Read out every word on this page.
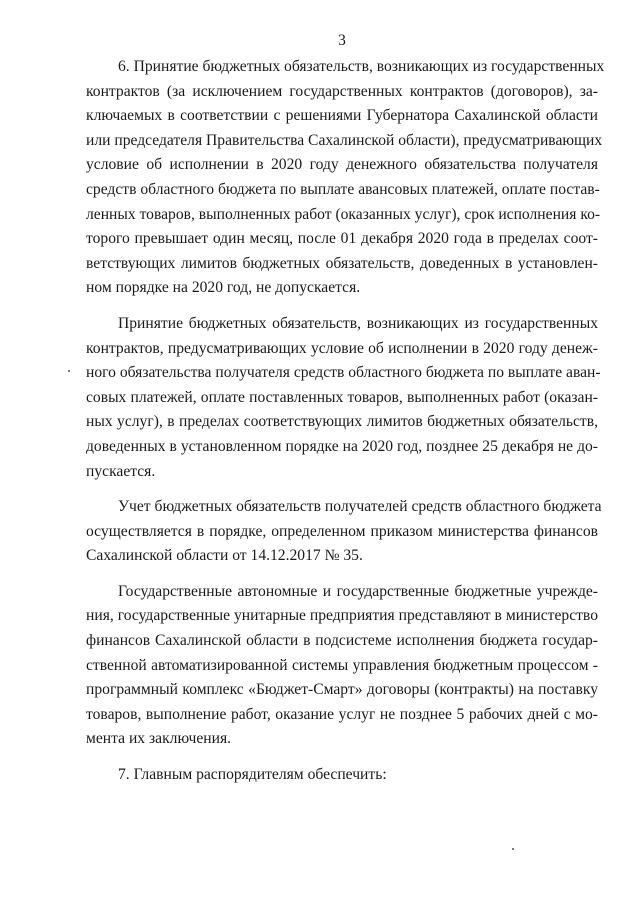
3

6. Принятие бюджетных обязательств, возникающих из государственных
контрактов (за исключением государственных контрактов (договоров), за-
ключаемых в соответствии с решениями Губернатора Сахалинской области
или председателя Правительства Сахалинской области), предусматривающих
условие об исполнении в 2020 году денежного обязательства получателя
средств областного бюджета по выплате авансовых платежей, оплате постав-
ленных товаров, выполненных работ (оказанных услуг), срок исполнения ко-
торого превышает один месяц, после 01 декабря 2020 года в пределах соот-
ветствующих лимитов бюджетных обязательств, доведенных в установлен-
ном порядке на 2020 год, не допускается.

Принятие бюджетных обязательств, возникающих из государственных
контрактов, предусматривающих условие об исполнении в 2020 году денеж-
ного обязательства получателя средств областного бюджета по выплате аван-
совых платежей, оплате поставленных товаров, выполненных работ (оказан-
ных услуг), в пределах соответствующих лимитов бюджетных обязательств,
доведенных в установленном порядке на 2020 год, позднее 25 декабря не до-
пускается.

Учет бюджетных обязательств получателей средств областного бюджета
осуществляется в порядке, определенном приказом министерства финансов
Сахалинской области от 14.12.2017 № 35.

Государственные автономные и государственные бюджетные учрежде-
ния, государственные унитарные предприятия представляют в министерство
финансов Сахалинской области в подсистеме исполнения бюджета государ-
ственной автоматизированной системы управления бюджетным процессом -
программный комплекс «Бюджет-Смарт» договоры (контракты) на поставку
товаров, выполнение работ, оказание услуг не позднее 5 рабочих дней с мо-
мента их заключения.

7. Главным распорядителям обеспечить:
